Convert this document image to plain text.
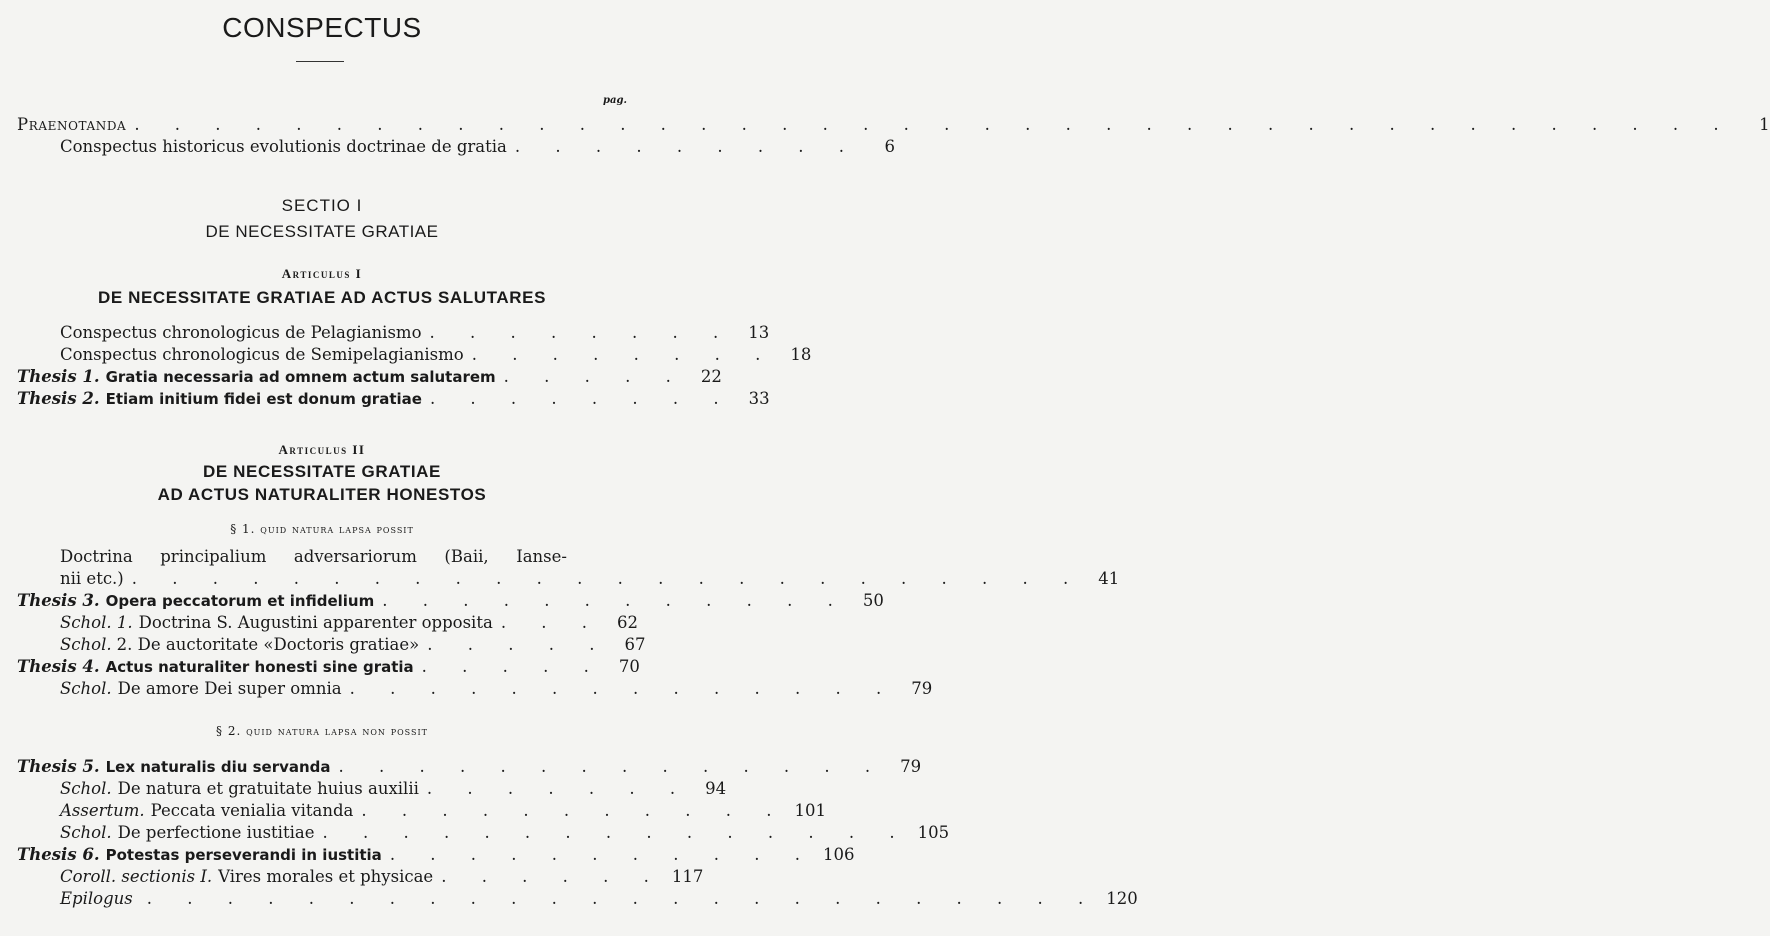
CONSPECTUS
pag.
Praenotanda . . . . . . . . . . . . . . . . . . . . . . . . . . . . . . . . . . . . . . . .	1
Conspectus historicus evolutionis doctrinae de gratia . . . . . . . . .	6
SECTIO I
DE NECESSITATE GRATIAE
Articulus I
DE NECESSITATE GRATIAE AD ACTUS SALUTARES
Conspectus chronologicus de Pelagianismo . . . . . . . . 13
Conspectus chronologicus de Semipelagianismo . . . . . . . . 18
Thesis 1. Gratia necessaria ad omnem actum salutarem . . . . . 22
Thesis 2. Etiam initium fidei est donum gratiae . . . . . . . . 33
Articulus II
DE NECESSITATE GRATIAE
AD ACTUS NATURALITER HONESTOS
§ 1. quid natura lapsa possit
Doctrina principalium adversariorum (Baii, Ianse-
nii etc.) . . . . . . . . . . . . . . . . . . . . . . . . 41
Thesis 3. Opera peccatorum et infidelium . . . . . . . . . . . . 50
Schol. 1. Doctrina S. Augustini apparenter opposita . . . 62
Schol. 2. De auctoritate «Doctoris gratiae» . . . . . 67
Thesis 4. Actus naturaliter honesti sine gratia . . . . . 70
Schol. De amore Dei super omnia . . . . . . . . . . . . . . 79
§ 2. quid natura lapsa non possit
Thesis 5. Lex naturalis diu servanda . . . . . . . . . . . . . . 79
Schol. De natura et gratuitate huius auxilii . . . . . . . 94
Assertum. Peccata venialia vitanda . . . . . . . . . . . 101
Schol. De perfectione iustitiae . . . . . . . . . . . . . . . 105
Thesis 6. Potestas perseverandi in iustitia . . . . . . . . . . . 106
Coroll. sectionis I. Vires morales et physicae . . . . . . 117
Epilogus . . . . . . . . . . . . . . . . . . . . . . . . 120
